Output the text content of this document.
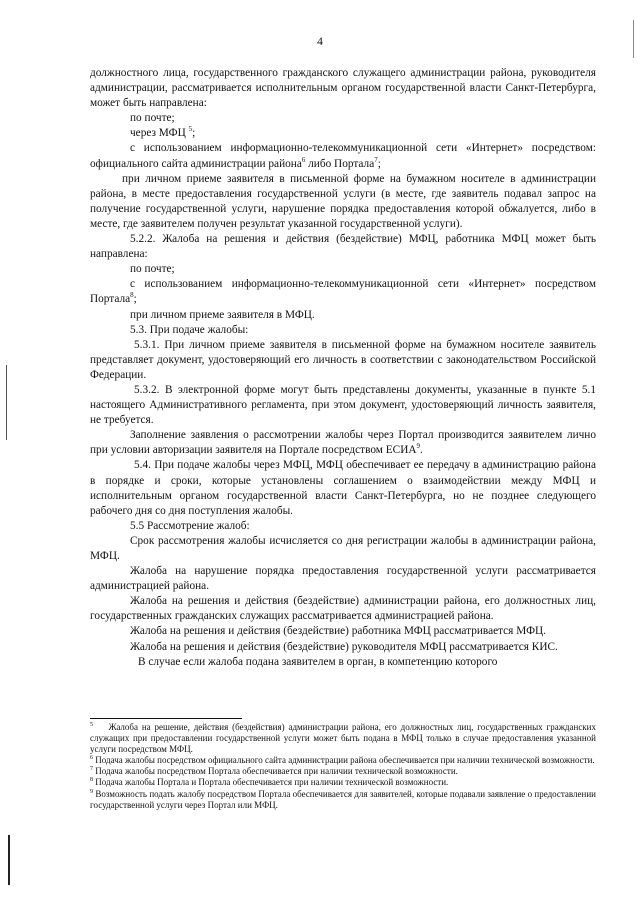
4

должностного лица, государственного гражданского служащего администрации района, руководителя администрации, рассматривается исполнительным органом государственной власти Санкт-Петербурга, может быть направлена:

по почте;

через МФЦ $^5$;

с использованием информационно-телекоммуникационной сети «Интернет» посредством: официального сайта администрации района$^6$ либо Портала$^7$;

при личном приеме заявителя в письменной форме на бумажном носителе в администрации района, в месте предоставления государственной услуги (в месте, где заявитель подавал запрос на получение государственной услуги, нарушение порядка предоставления которой обжалуется, либо в месте, где заявителем получен результат указанной государственной услуги).

5.2.2. Жалоба на решения и действия (бездействие) МФЦ, работника МФЦ может быть направлена:

по почте;

с использованием информационно-телекоммуникационной сети «Интернет» посредством Портала$^8$;

при личном приеме заявителя в МФЦ.

5.3. При подаче жалобы:

5.3.1. При личном приеме заявителя в письменной форме на бумажном носителе заявитель представляет документ, удостоверяющий его личность в соответствии с законодательством Российской Федерации.

5.3.2. В электронной форме могут быть представлены документы, указанные в пункте 5.1 настоящего Административного регламента, при этом документ, удостоверяющий личность заявителя, не требуется.

Заполнение заявления о рассмотрении жалобы через Портал производится заявителем лично при условии авторизации заявителя на Портале посредством ЕСИА$^9$.

5.4. При подаче жалобы через МФЦ, МФЦ обеспечивает ее передачу в администрацию района в порядке и сроки, которые установлены соглашением о взаимодействии между МФЦ и исполнительным органом государственной власти Санкт-Петербурга, но не позднее следующего рабочего дня со дня поступления жалобы.

5.5 Рассмотрение жалоб:

Срок рассмотрения жалобы исчисляется со дня регистрации жалобы в администрации района, МФЦ.

Жалоба на нарушение порядка предоставления государственной услуги рассматривается администрацией района.

Жалоба на решения и действия (бездействие) администрации района, его должностных лиц, государственных гражданских служащих рассматривается администрацией района.

Жалоба на решения и действия (бездействие) работника МФЦ рассматривается МФЦ.

Жалоба на решения и действия (бездействие) руководителя МФЦ рассматривается КИС.

В случае если жалоба подана заявителем в орган, в компетенцию которого

$^5$ Жалоба на решение, действия (бездействия) администрации района, его должностных лиц, государственных гражданских служащих при предоставлении государственной услуги может быть подана в МФЦ только в случае предоставления указанной услуги посредством МФЦ.

$^6$ Подача жалобы посредством официального сайта администрации района обеспечивается при наличии технической возможности.

$^7$ Подача жалобы посредством Портала обеспечивается при наличии технической возможности.

$^8$ Подача жалобы Портала и Портала обеспечивается при наличии технической возможности.

$^9$ Возможность подать жалобу посредством Портала обеспечивается для заявителей, которые подавали заявление о предоставлении государственной услуги через Портал или МФЦ.
